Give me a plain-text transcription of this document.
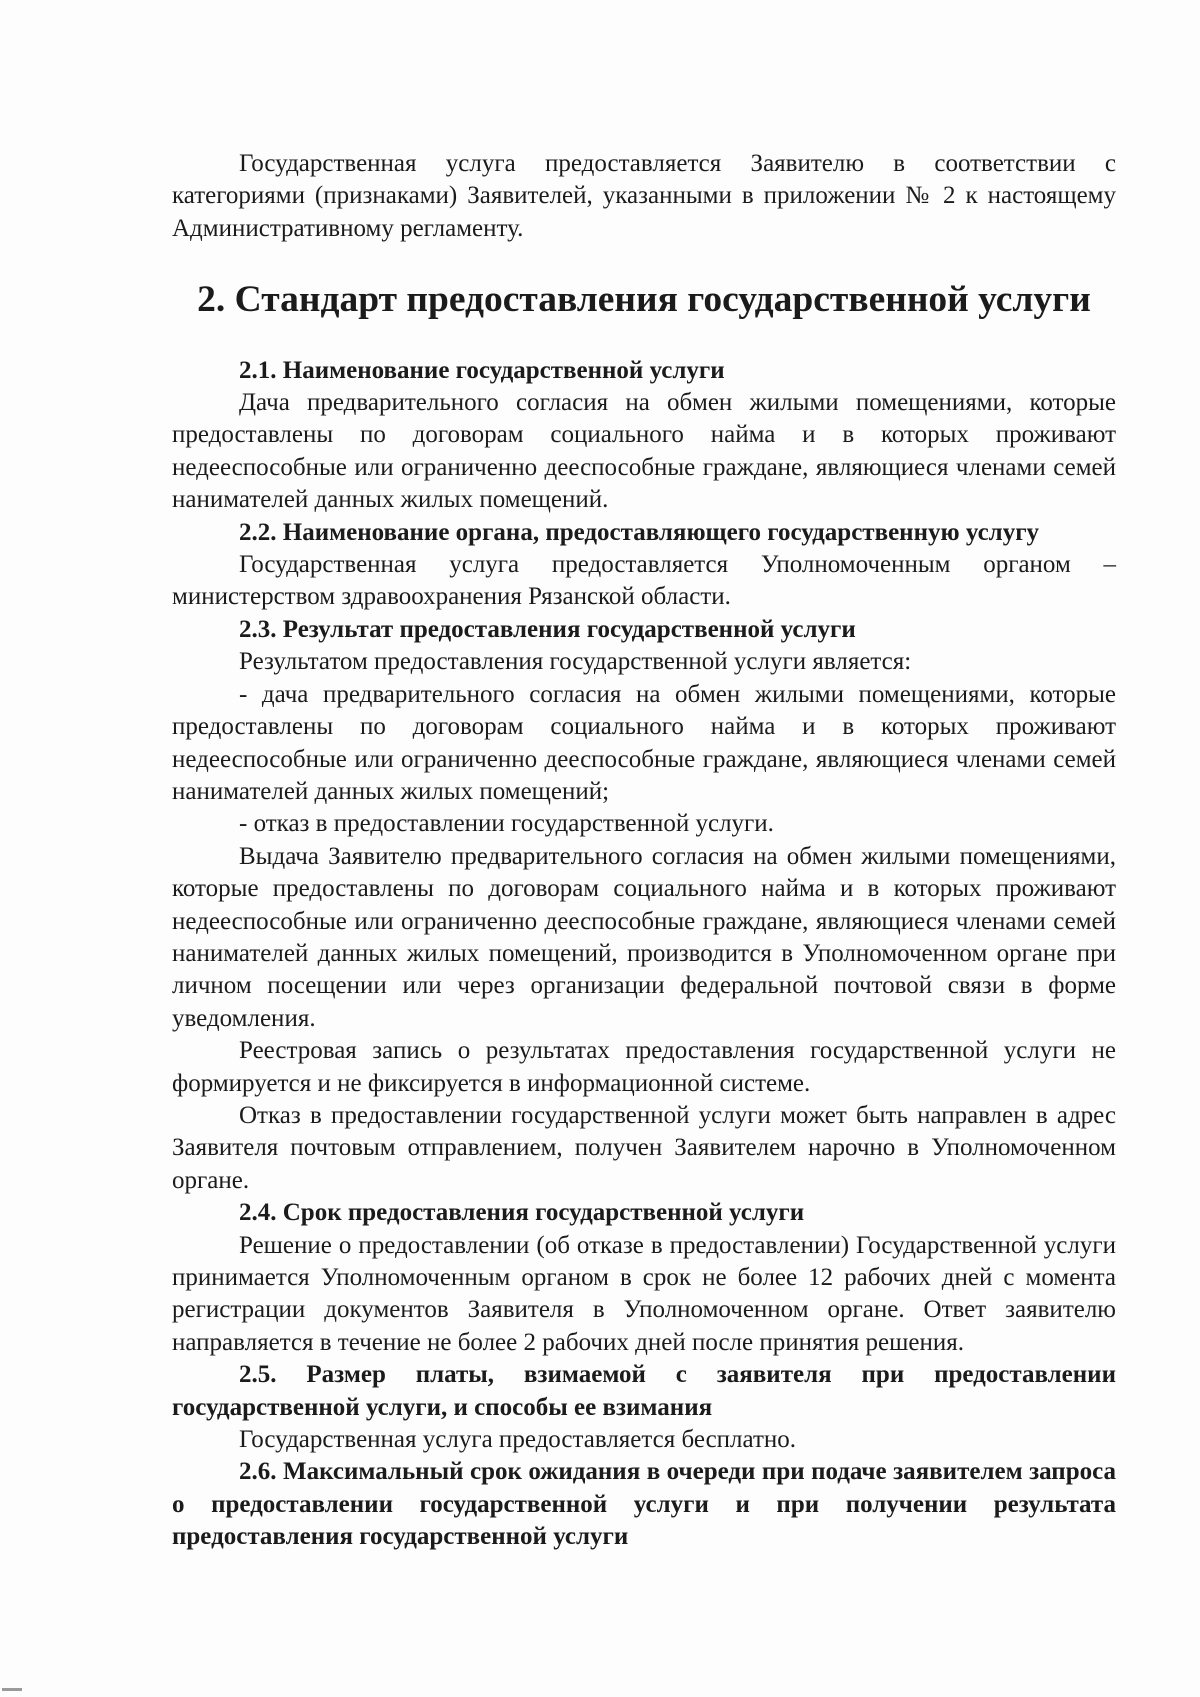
Государственная услуга предоставляется Заявителю в соответствии с категориями (признаками) Заявителей, указанными в приложении № 2 к настоящему Административному регламенту.

2. Стандарт предоставления государственной услуги

2.1. Наименование государственной услуги

Дача предварительного согласия на обмен жилыми помещениями, которые предоставлены по договорам социального найма и в которых проживают недееспособные или ограниченно дееспособные граждане, являющиеся членами семей нанимателей данных жилых помещений.

2.2. Наименование органа, предоставляющего государственную услугу

Государственная услуга предоставляется Уполномоченным органом – министерством здравоохранения Рязанской области.

2.3. Результат предоставления государственной услуги

Результатом предоставления государственной услуги является:

- дача предварительного согласия на обмен жилыми помещениями, которые предоставлены по договорам социального найма и в которых проживают недееспособные или ограниченно дееспособные граждане, являющиеся членами семей нанимателей данных жилых помещений;

- отказ в предоставлении государственной услуги.

Выдача Заявителю предварительного согласия на обмен жилыми помещениями, которые предоставлены по договорам социального найма и в которых проживают недееспособные или ограниченно дееспособные граждане, являющиеся членами семей нанимателей данных жилых помещений, производится в Уполномоченном органе при личном посещении или через организации федеральной почтовой связи в форме уведомления.

Реестровая запись о результатах предоставления государственной услуги не формируется и не фиксируется в информационной системе.

Отказ в предоставлении государственной услуги может быть направлен в адрес Заявителя почтовым отправлением, получен Заявителем нарочно в Уполномоченном органе.

2.4. Срок предоставления государственной услуги

Решение о предоставлении (об отказе в предоставлении) Государственной услуги принимается Уполномоченным органом в срок не более 12 рабочих дней с момента регистрации документов Заявителя в Уполномоченном органе. Ответ заявителю направляется в течение не более 2 рабочих дней после принятия решения.

2.5. Размер платы, взимаемой с заявителя при предоставлении государственной услуги, и способы ее взимания

Государственная услуга предоставляется бесплатно.

2.6. Максимальный срок ожидания в очереди при подаче заявителем запроса о предоставлении государственной услуги и при получении результата предоставления государственной услуги
